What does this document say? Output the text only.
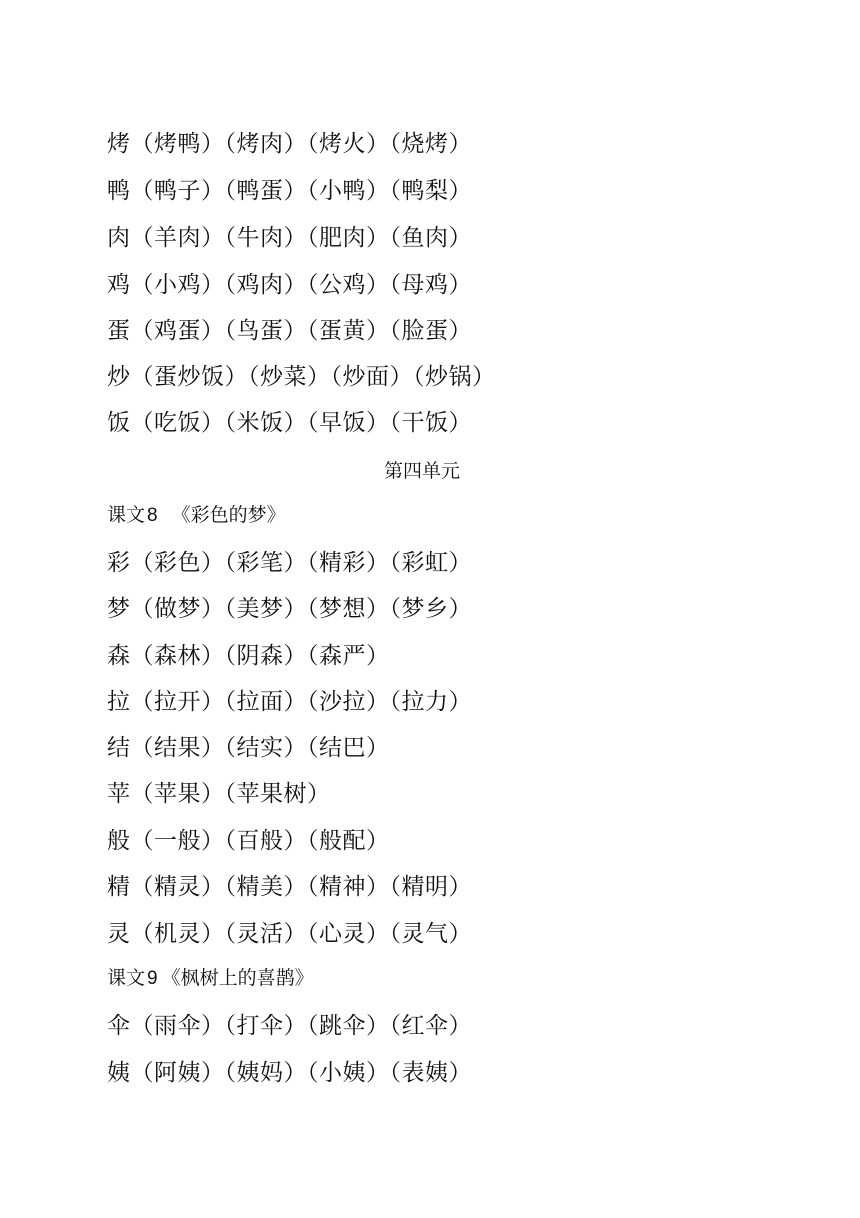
烤（烤鸭）（烤肉）（烤火）（烧烤）
鸭（鸭子）（鸭蛋）（小鸭）（鸭梨）
肉（羊肉）（牛肉）（肥肉）（鱼肉）
鸡（小鸡）（鸡肉）（公鸡）（母鸡）
蛋（鸡蛋）（鸟蛋）（蛋黄）（脸蛋）
炒（蛋炒饭）（炒菜）（炒面）（炒锅）
饭（吃饭）（米饭）（早饭）（干饭）
第四单元
课文 8 《彩色的梦》
彩（彩色）（彩笔）（精彩）（彩虹）
梦（做梦）（美梦）（梦想）（梦乡）
森（森林）（阴森）（森严）
拉（拉开）（拉面）（沙拉）（拉力）
结（结果）（结实）（结巴）
苹（苹果）（苹果树）
般（一般）（百般）（般配）
精（精灵）（精美）（精神）（精明）
灵（机灵）（灵活）（心灵）（灵气）
课文 9 《枫树上的喜鹊》
伞（雨伞）（打伞）（跳伞）（红伞）
姨（阿姨）（姨妈）（小姨）（表姨）
